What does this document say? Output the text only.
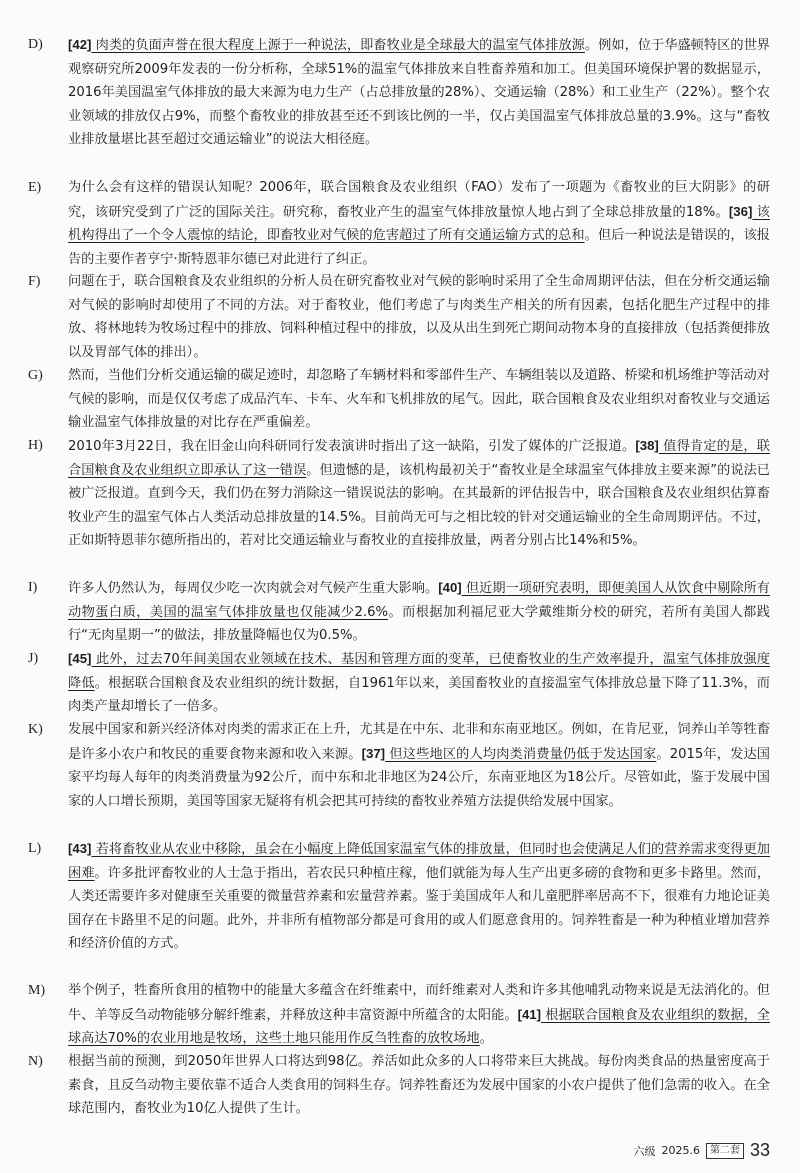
D)	[42] 肉类的负面声誉在很大程度上源于一种说法，即畜牧业是全球最大的温室气体排放源。例如，位于华盛顿特区的世界观察研究所2009年发表的一份分析称，全球51%的温室气体排放来自牲畜养殖和加工。但美国环境保护署的数据显示，2016年美国温室气体排放的最大来源为电力生产（占总排放量的28%）、交通运输（28%）和工业生产（22%）。整个农业领域的排放仅占9%，而整个畜牧业的排放甚至还不到该比例的一半，仅占美国温室气体排放总量的3.9%。这与“畜牧业排放量堪比甚至超过交通运输业”的说法大相径庭。
E)	为什么会有这样的错误认知呢？2006年，联合国粮食及农业组织（FAO）发布了一项题为《畜牧业的巨大阴影》的研究，该研究受到了广泛的国际关注。研究称，畜牧业产生的温室气体排放量惊人地占到了全球总排放量的18%。[36] 该机构得出了一个令人震惊的结论，即畜牧业对气候的危害超过了所有交通运输方式的总和。但后一种说法是错误的，该报告的主要作者亨宁·斯特恩菲尔德已对此进行了纠正。
F)	问题在于，联合国粮食及农业组织的分析人员在研究畜牧业对气候的影响时采用了全生命周期评估法，但在分析交通运输对气候的影响时却使用了不同的方法。对于畜牧业，他们考虑了与肉类生产相关的所有因素，包括化肥生产过程中的排放、将林地转为牧场过程中的排放、饲料种植过程中的排放，以及从出生到死亡期间动物本身的直接排放（包括粪便排放以及胃部气体的排出）。
G)	然而，当他们分析交通运输的碳足迹时，却忽略了车辆材料和零部件生产、车辆组装以及道路、桥梁和机场维护等活动对气候的影响，而是仅仅考虑了成品汽车、卡车、火车和飞机排放的尾气。因此，联合国粮食及农业组织对畜牧业与交通运输业温室气体排放量的对比存在严重偏差。
H)	2010年3月22日，我在旧金山向科研同行发表演讲时指出了这一缺陷，引发了媒体的广泛报道。[38] 值得肯定的是，联合国粮食及农业组织立即承认了这一错误。但遗憾的是，该机构最初关于“畜牧业是全球温室气体排放主要来源”的说法已被广泛报道。直到今天，我们仍在努力消除这一错误说法的影响。在其最新的评估报告中，联合国粮食及农业组织估算畜牧业产生的温室气体占人类活动总排放量的14.5%。目前尚无可与之相比较的针对交通运输业的全生命周期评估。不过，正如斯特恩菲尔德所指出的，若对比交通运输业与畜牧业的直接排放量，两者分别占比14%和5%。
I)	许多人仍然认为，每周仅少吃一次肉就会对气候产生重大影响。[40] 但近期一项研究表明，即便美国人从饮食中剔除所有动物蛋白质，美国的温室气体排放量也仅能减少2.6%。而根据加利福尼亚大学戴维斯分校的研究，若所有美国人都践行“无肉星期一”的做法，排放量降幅也仅为0.5%。
J)	[45] 此外，过去70年间美国农业领域在技术、基因和管理方面的变革，已使畜牧业的生产效率提升，温室气体排放强度降低。根据联合国粮食及农业组织的统计数据，自1961年以来，美国畜牧业的直接温室气体排放总量下降了11.3%，而肉类产量却增长了一倍多。
K)	发展中国家和新兴经济体对肉类的需求正在上升，尤其是在中东、北非和东南亚地区。例如，在肯尼亚，饲养山羊等牲畜是许多小农户和牧民的重要食物来源和收入来源。[37] 但这些地区的人均肉类消费量仍低于发达国家。2015年，发达国家平均每人每年的肉类消费量为92公斤，而中东和北非地区为24公斤，东南亚地区为18公斤。尽管如此，鉴于发展中国家的人口增长预期，美国等国家无疑将有机会把其可持续的畜牧业养殖方法提供给发展中国家。
L)	[43] 若将畜牧业从农业中移除，虽会在小幅度上降低国家温室气体的排放量，但同时也会使满足人们的营养需求变得更加困难。许多批评畜牧业的人士急于指出，若农民只种植庄稼，他们就能为每人生产出更多磅的食物和更多卡路里。然而，人类还需要许多对健康至关重要的微量营养素和宏量营养素。鉴于美国成年人和儿童肥胖率居高不下，很难有力地论证美国存在卡路里不足的问题。此外，并非所有植物部分都是可食用的或人们愿意食用的。饲养牲畜是一种为种植业增加营养和经济价值的方式。
M)	举个例子，牲畜所食用的植物中的能量大多蕴含在纤维素中，而纤维素对人类和许多其他哺乳动物来说是无法消化的。但牛、羊等反刍动物能够分解纤维素，并释放这种丰富资源中所蕴含的太阳能。[41] 根据联合国粮食及农业组织的数据，全球高达70%的农业用地是牧场，这些土地只能用作反刍牲畜的放牧场地。
N)	根据当前的预测，到2050年世界人口将达到98亿。养活如此众多的人口将带来巨大挑战。每份肉类食品的热量密度高于素食，且反刍动物主要依靠不适合人类食用的饲料生存。饲养牲畜还为发展中国家的小农户提供了他们急需的收入。在全球范围内，畜牧业为10亿人提供了生计。
六级 2025.6	第二套 33
